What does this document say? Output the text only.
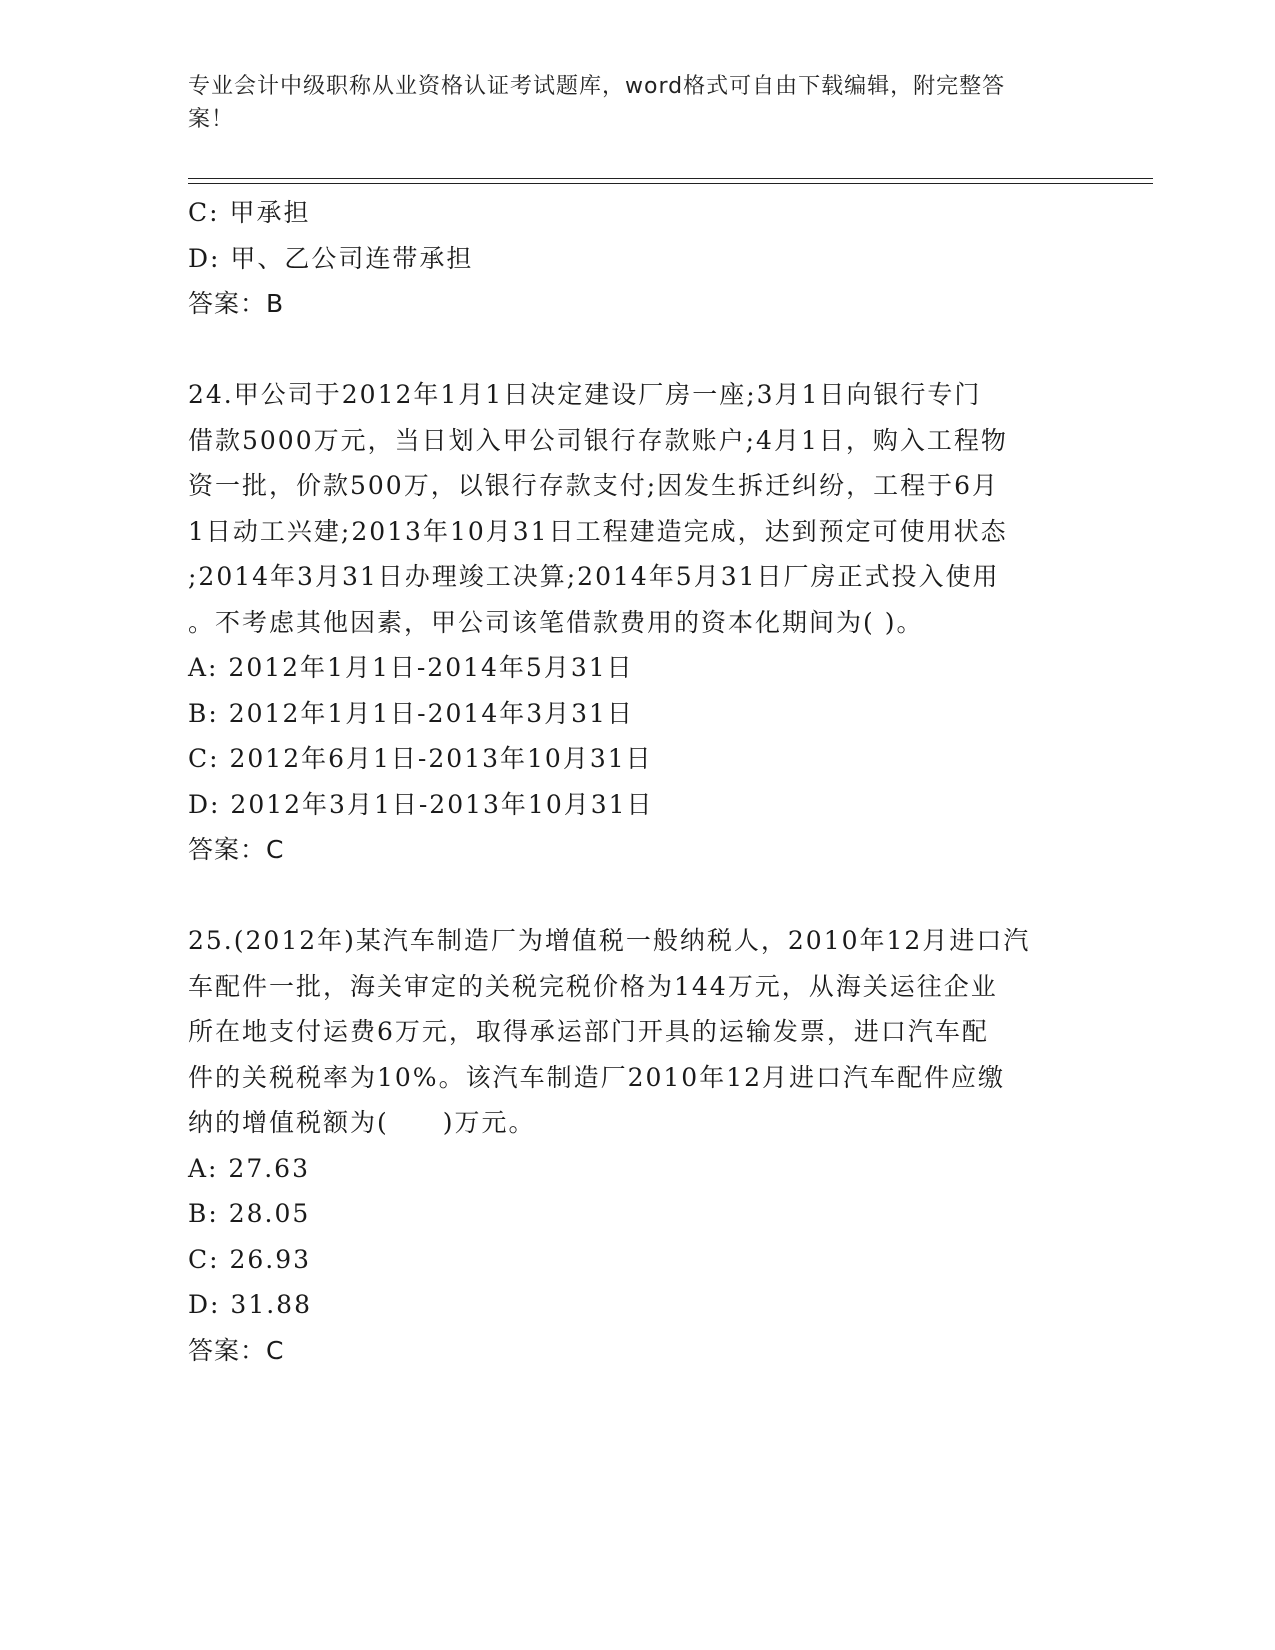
专业会计中级职称从业资格认证考试题库，word格式可自由下载编辑，附完整答
案！
C: 甲承担
D: 甲、乙公司连带承担
答案：B
24.甲公司于2012年1月1日决定建设厂房一座;3月1日向银行专门
借款5000万元，当日划入甲公司银行存款账户;4月1日，购入工程物
资一批，价款500万，以银行存款支付;因发生拆迁纠纷，工程于6月
1日动工兴建;2013年10月31日工程建造完成，达到预定可使用状态
;2014年3月31日办理竣工决算;2014年5月31日厂房正式投入使用
。不考虑其他因素，甲公司该笔借款费用的资本化期间为( )。
A: 2012年1月1日-2014年5月31日
B: 2012年1月1日-2014年3月31日
C: 2012年6月1日-2013年10月31日
D: 2012年3月1日-2013年10月31日
答案：C
25.(2012年)某汽车制造厂为增值税一般纳税人，2010年12月进口汽
车配件一批，海关审定的关税完税价格为144万元，从海关运往企业
所在地支付运费6万元，取得承运部门开具的运输发票，进口汽车配
件的关税税率为10%。该汽车制造厂2010年12月进口汽车配件应缴
纳的增值税额为(　　)万元。
A: 27.63
B: 28.05
C: 26.93
D: 31.88
答案：C
